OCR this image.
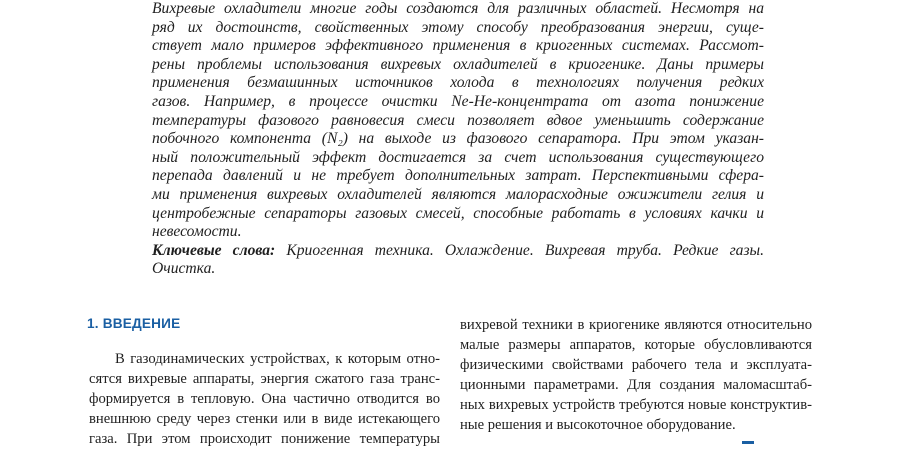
Вихревые охладители многие годы создаются для различных областей. Несмотря на
ряд их достоинств, свойственных этому способу преобразования энергии, суще-
ствует мало примеров эффективного применения в криогенных системах. Рассмот-
рены проблемы использования вихревых охладителей в криогенике. Даны примеры
применения безмашинных источников холода в технологиях получения редких
газов. Например, в процессе очистки Ne-He-концентрата от азота понижение
температуры фазового равновесия смеси позволяет вдвое уменьшить содержание
побочного компонента (N₂) на выходе из фазового сепаратора. При этом указан-
ный положительный эффект достигается за счет использования существующего
перепада давлений и не требует дополнительных затрат. Перспективными сфера-
ми применения вихревых охладителей являются малорасходные ожижители гелия и
центробежные сепараторы газовых смесей, способные работать в условиях качки и
невесомости.
Ключевые слова: Криогенная техника. Охлаждение. Вихревая труба. Редкие газы.
Очистка.
1. ВВЕДЕНИЕ
В газодинамических устройствах, к которым отно-
сятся вихревые аппараты, энергия сжатого газа транс-
формируется в тепловую. Она частично отводится во
внешнюю среду через стенки или в виде истекающего
газа. При этом происходит понижение температуры
вихревой техники в криогенике являются относительно
малые размеры аппаратов, которые обусловливаются
физическими свойствами рабочего тела и эксплуата-
ционными параметрами. Для создания маломасштаб-
ных вихревых устройств требуются новые конструктив-
ные решения и высокоточное оборудование.
